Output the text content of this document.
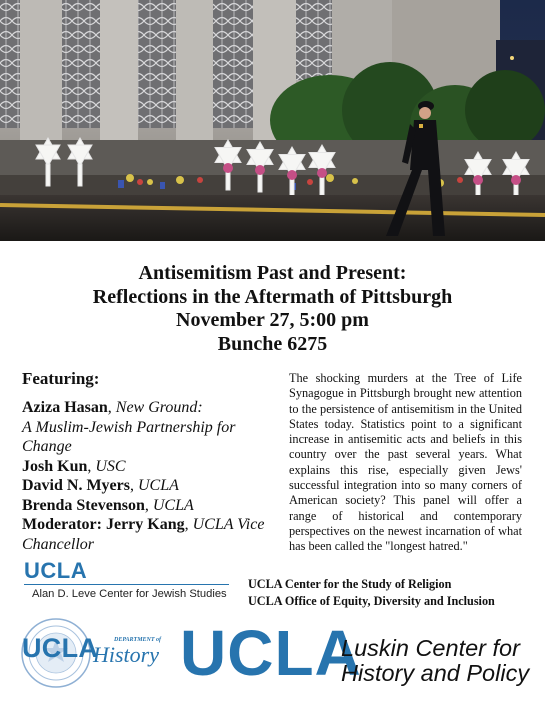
Antisemitism Past and Present:
Reflections in the Aftermath of Pittsburgh
November 27, 5:00 pm
Bunche 6275
Featuring:
Aziza Hasan, New Ground:
A Muslim-Jewish Partnership for Change
Josh Kun, USC
David N. Myers, UCLA
Brenda Stevenson, UCLA
Moderator: Jerry Kang, UCLA Vice
Chancellor
The shocking murders at the Tree of Life Synagogue in Pittsburgh brought new attention to the persistence of antisemitism in the United States today. Statistics point to a significant increase in antisemitic acts and beliefs in this country over the past several years. What explains this rise, especially given Jews' successful integration into so many corners of American society? This panel will offer a range of historical and contemporary perspectives on the newest incarnation of what has been called the "longest hatred."
UCLA
Alan D. Leve Center for Jewish Studies
UCLA Center for the Study of Religion
UCLA Office of Equity, Diversity and Inclusion
UCLA	DEPARTMENT of
History UCLA
Luskin Center for
History and Policy
